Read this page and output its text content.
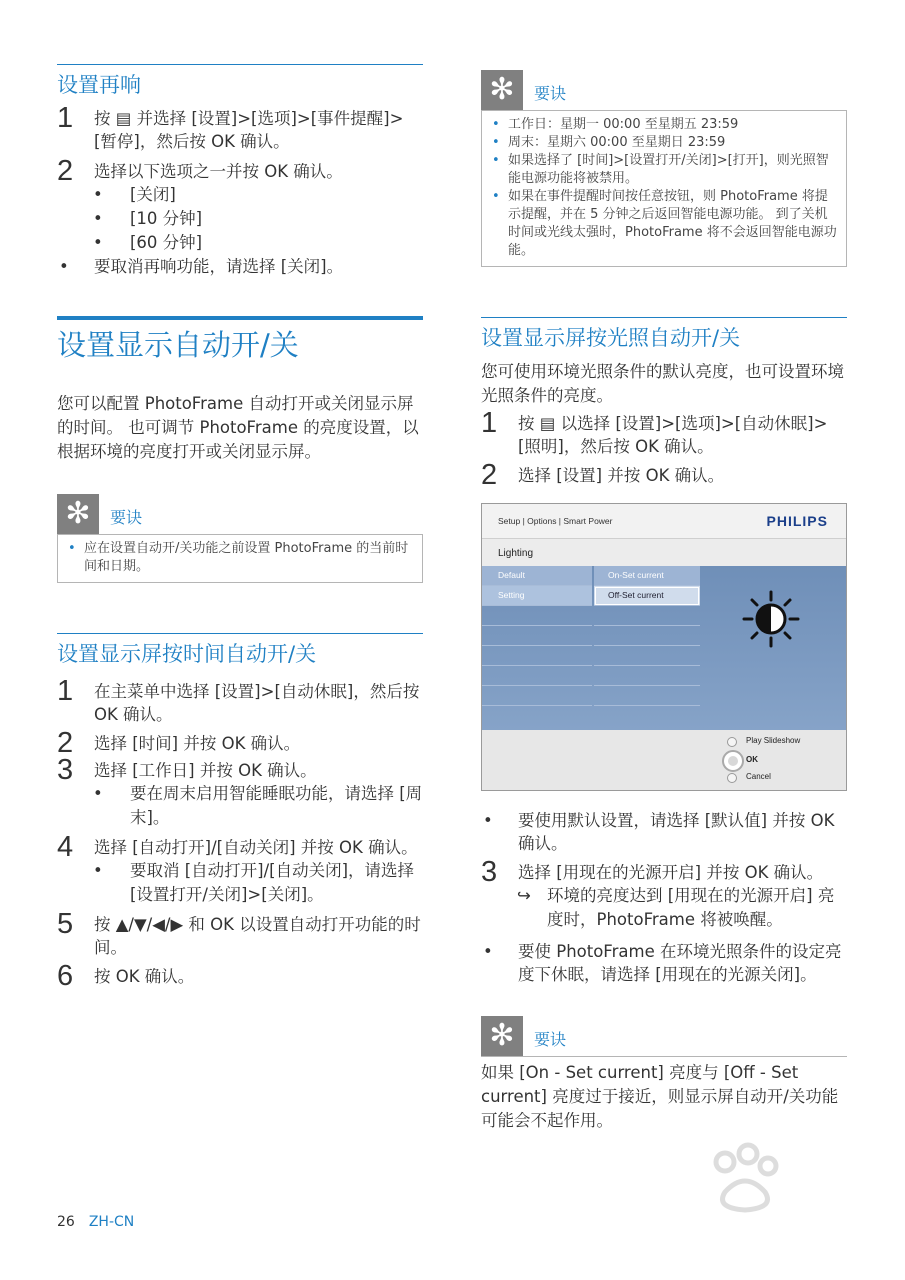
设置再响
1 按 ▤ 并选择 [设置]>[选项]>[事件提醒]>[暂停]，然后按 OK 确认。
2 选择以下选项之一并按 OK 确认。
• [关闭]
• [10 分钟]
• [60 分钟]
• 要取消再响功能，请选择 [关闭]。
设置显示自动开/关

您可以配置 PhotoFrame 自动打开或关闭显示屏的时间。 也可调节 PhotoFrame 的亮度设置，以根据环境的亮度打开或关闭显示屏。

✻	要诀
• 应在设置自动开/关功能之前设置 PhotoFrame 的当前时间和日期。
设置显示屏按时间自动开/关
1 在主菜单中选择 [设置]>[自动休眠]，然后按 OK 确认。
2 选择 [时间] 并按 OK 确认。
3 选择 [工作日] 并按 OK 确认。
• 要在周末启用智能睡眠功能，请选择 [周末]。
4 选择 [自动打开]/[自动关闭] 并按 OK 确认。
• 要取消 [自动打开]/[自动关闭]，请选择 [设置打开/关闭]>[关闭]。
5 按 ▲/▼/◀/▶ 和 OK 以设置自动打开功能的时间。
6 按 OK 确认。
✻	要诀
• 工作日：星期一 00:00 至星期五 23:59
• 周末：星期六 00:00 至星期日 23:59
• 如果选择了 [时间]>[设置打开/关闭]>[打开]，则光照智能电源功能将被禁用。
• 如果在事件提醒时间按任意按钮，则 PhotoFrame 将提示提醒，并在 5 分钟之后返回智能电源功能。 到了关机时间或光线太强时，PhotoFrame 将不会返回智能电源功能。
设置显示屏按光照自动开/关

您可使用环境光照条件的默认亮度，也可设置环境光照条件的亮度。

1 按 ▤ 以选择 [设置]>[选项]>[自动休眠]>[照明]，然后按 OK 确认。
2 选择 [设置] 并按 OK 确认。
Setup | Options | Smart Power	PHILIPS
Lighting
Default
Setting
On-Set current
Off-Set current
Play Slideshow
OK
Cancel
• 要使用默认设置，请选择 [默认值] 并按 OK 确认。
3 选择 [用现在的光源开启] 并按 OK 确认。
↪ 环境的亮度达到 [用现在的光源开启] 亮度时，PhotoFrame 将被唤醒。
• 要使 PhotoFrame 在环境光照条件的设定亮度下休眠，请选择 [用现在的光源关闭]。
✻	要诀

如果 [On - Set current] 亮度与 [Off - Set current] 亮度过于接近，则显示屏自动开/关功能可能会不起作用。

26 ZH-CN
